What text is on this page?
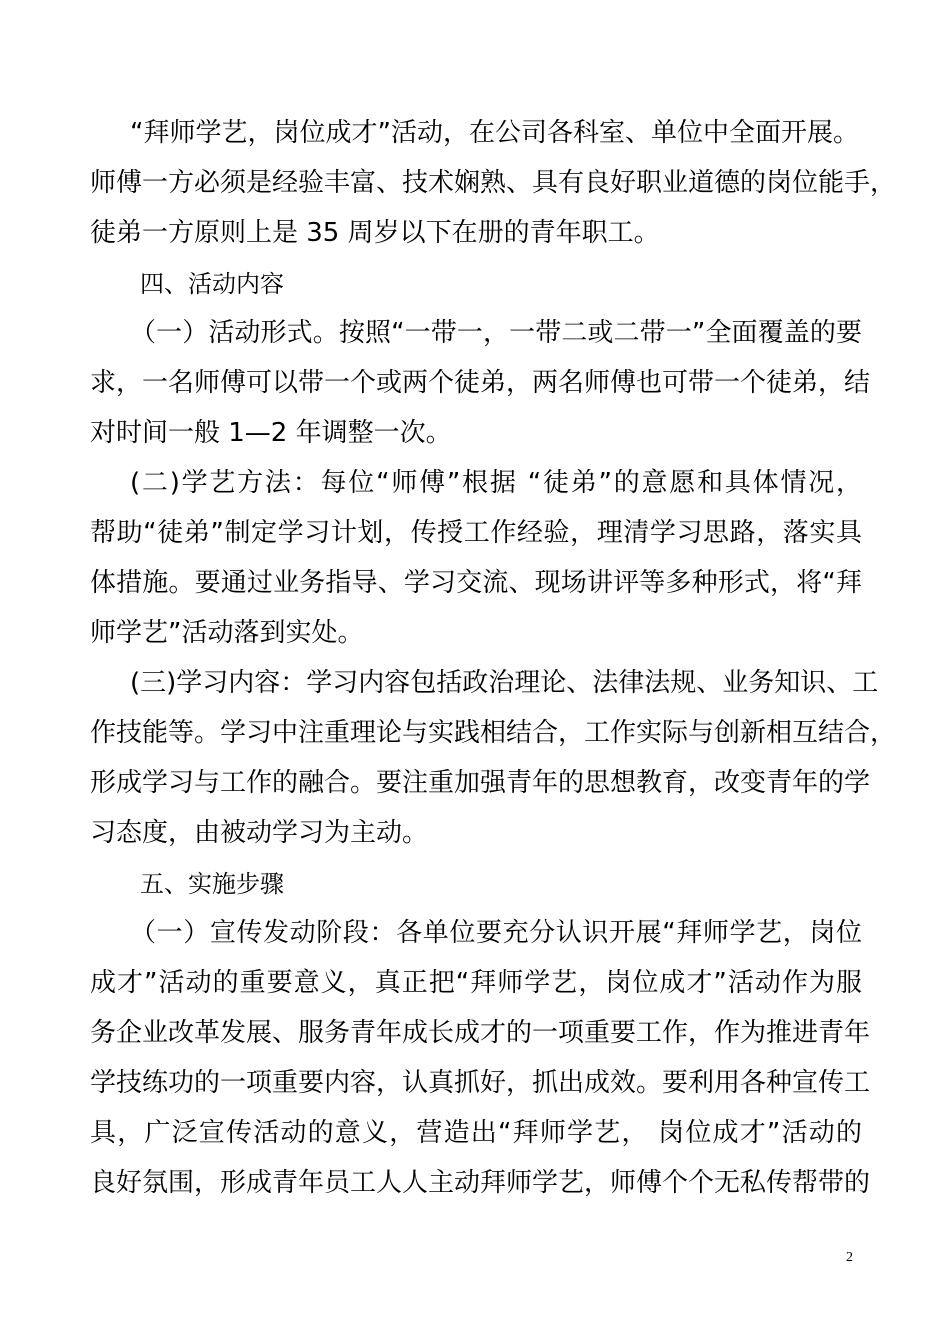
“拜师学艺，岗位成才”活动，在公司各科室、单位中全面开展。
师傅一方必须是经验丰富、技术娴熟、具有良好职业道德的岗位能手，
徒弟一方原则上是 35 周岁以下在册的青年职工。
四、活动内容
（一）活动形式。按照“一带一，一带二或二带一”全面覆盖的要
求，一名师傅可以带一个或两个徒弟，两名师傅也可带一个徒弟，结
对时间一般 1—2 年调整一次。
(二)学艺方法：每位“师傅”根据 “徒弟”的意愿和具体情况，
帮助“徒弟”制定学习计划，传授工作经验，理清学习思路，落实具
体措施。要通过业务指导、学习交流、现场讲评等多种形式，将“拜
师学艺”活动落到实处。
(三)学习内容：学习内容包括政治理论、法律法规、业务知识、工
作技能等。学习中注重理论与实践相结合，工作实际与创新相互结合，
形成学习与工作的融合。要注重加强青年的思想教育，改变青年的学
习态度，由被动学习为主动。
五、实施步骤
（一）宣传发动阶段：各单位要充分认识开展“拜师学艺，岗位
成才”活动的重要意义，真正把“拜师学艺，岗位成才”活动作为服
务企业改革发展、服务青年成长成才的一项重要工作，作为推进青年
学技练功的一项重要内容，认真抓好，抓出成效。要利用各种宣传工
具，广泛宣传活动的意义，营造出“拜师学艺， 岗位成才”活动的
良好氛围，形成青年员工人人主动拜师学艺，师傅个个无私传帮带的
2
